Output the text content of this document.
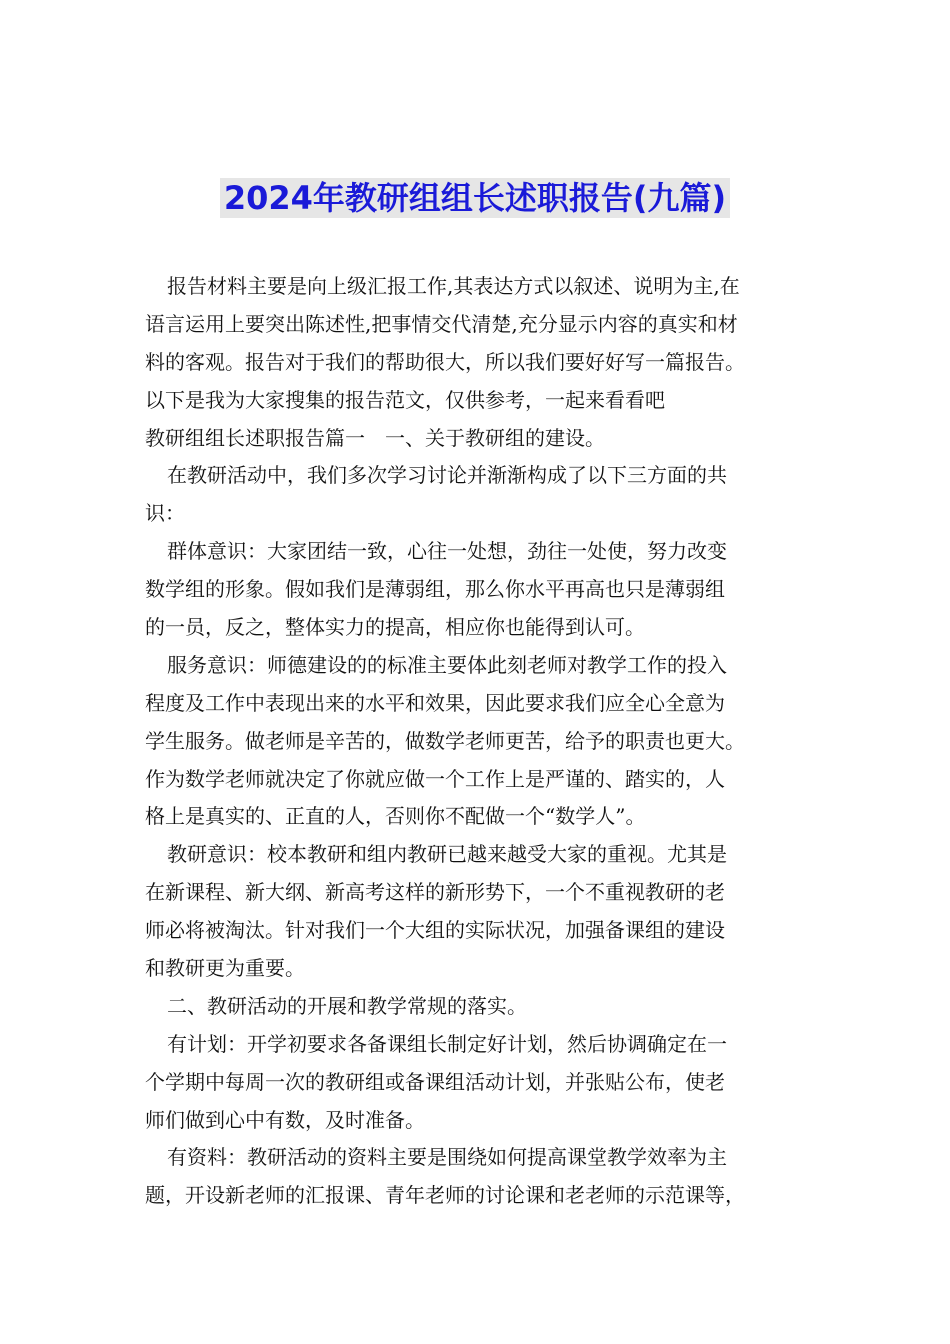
2024年教研组组长述职报告(九篇)
报告材料主要是向上级汇报工作,其表达方式以叙述、说明为主,在
语言运用上要突出陈述性,把事情交代清楚,充分显示内容的真实和材
料的客观。报告对于我们的帮助很大，所以我们要好好写一篇报告。
以下是我为大家搜集的报告范文，仅供参考，一起来看看吧
教研组组长述职报告篇一　一、关于教研组的建设。
在教研活动中，我们多次学习讨论并渐渐构成了以下三方面的共
识：
群体意识：大家团结一致，心往一处想，劲往一处使，努力改变
数学组的形象。假如我们是薄弱组，那么你水平再高也只是薄弱组
的一员，反之，整体实力的提高，相应你也能得到认可。
服务意识：师德建设的的标准主要体此刻老师对教学工作的投入
程度及工作中表现出来的水平和效果，因此要求我们应全心全意为
学生服务。做老师是辛苦的，做数学老师更苦，给予的职责也更大。
作为数学老师就决定了你就应做一个工作上是严谨的、踏实的，人
格上是真实的、正直的人，否则你不配做一个“数学人”。
教研意识：校本教研和组内教研已越来越受大家的重视。尤其是
在新课程、新大纲、新高考这样的新形势下，一个不重视教研的老
师必将被淘汰。针对我们一个大组的实际状况，加强备课组的建设
和教研更为重要。
二、教研活动的开展和教学常规的落实。
有计划：开学初要求各备课组长制定好计划，然后协调确定在一
个学期中每周一次的教研组或备课组活动计划，并张贴公布，使老
师们做到心中有数，及时准备。
有资料：教研活动的资料主要是围绕如何提高课堂教学效率为主
题，开设新老师的汇报课、青年老师的讨论课和老老师的示范课等，
